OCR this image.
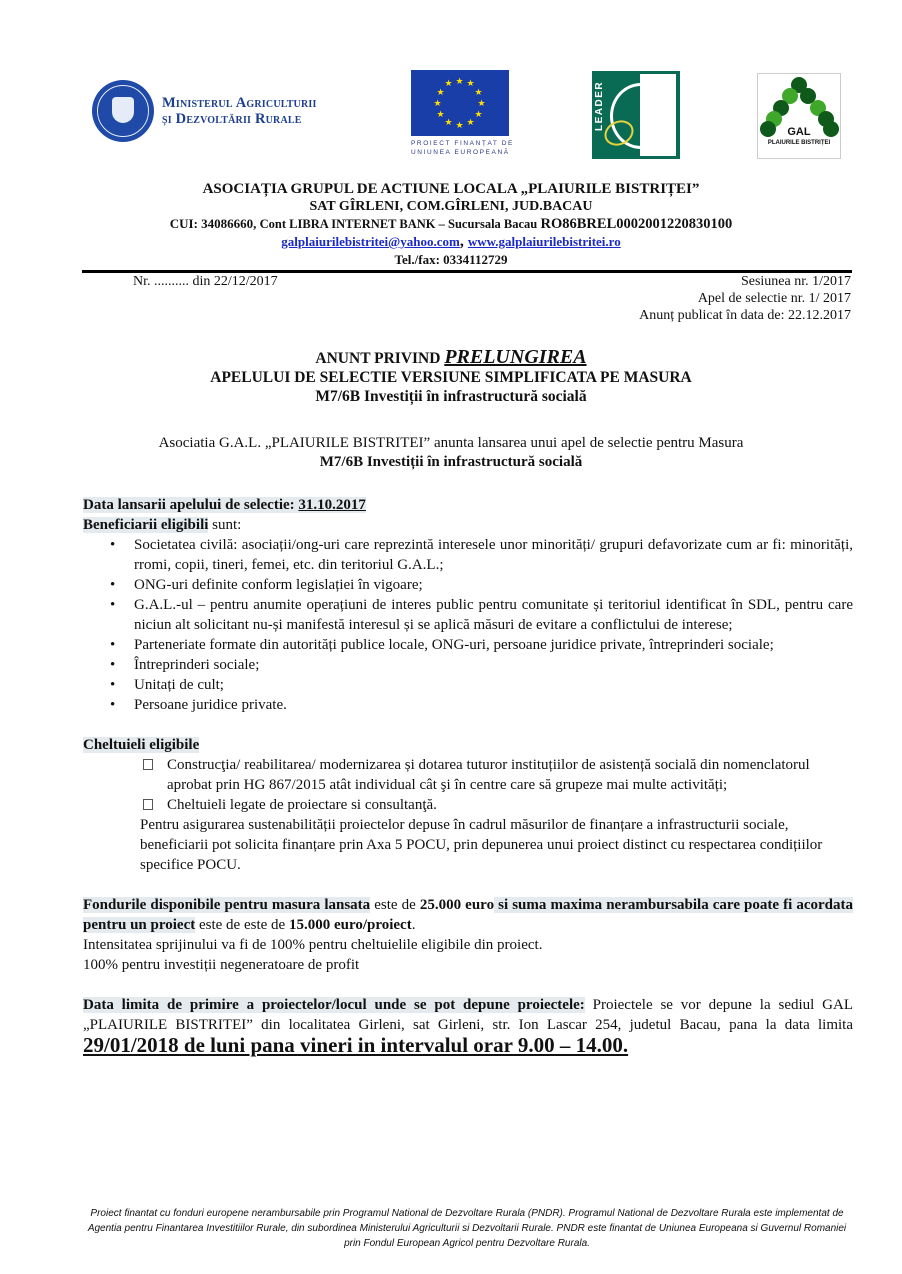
Ministerul Agriculturii
și Dezvoltării Rurale
★ ★
★
★
★
★
★
★
★
★
★
★
PROIECT FINANȚAT DE
UNIUNEA EUROPEANĂ
LEADER
GAL
PLAIURILE BISTRIȚEI
ASOCIAȚIA GRUPUL DE ACTIUNE LOCALA „PLAIURILE BISTRIȚEI”
SAT GÎRLENI, COM.GÎRLENI, JUD.BACAU
CUI: 34086660, Cont LIBRA INTERNET BANK – Sucursala Bacau RO86BREL0002001220830100
galplaiurilebistritei@yahoo.com, www.galplaiurilebistritei.ro
Tel./fax: 0334112729
Nr. .......... din 22/12/2017	Sesiunea nr. 1/2017
Apel de selectie nr. 1/ 2017
Anunț publicat în data de: 22.12.2017
ANUNT PRIVIND PRELUNGIREA
APELULUI DE SELECTIE VERSIUNE SIMPLIFICATA PE MASURA
M7/6B Investiții în infrastructură socială
Asociatia G.A.L. „PLAIURILE BISTRITEI” anunta lansarea unui apel de selectie pentru Masura
M7/6B Investiții în infrastructură socială
Data lansarii apelului de selectie: 31.10.2017
Beneficiarii eligibili sunt:
• Societatea civilă: asociații/ong-uri care reprezintă interesele unor minorități/ grupuri defavorizate cum ar fi: minorități, rromi, copii, tineri, femei, etc. din teritoriul G.A.L.;
• ONG-uri definite conform legislației în vigoare;
• G.A.L.-ul – pentru anumite operațiuni de interes public pentru comunitate și teritoriul identificat în SDL, pentru care niciun alt solicitant nu-și manifestă interesul și se aplică măsuri de evitare a conflictului de interese;
• Parteneriate formate din autorități publice locale, ONG-uri, persoane juridice private, întreprinderi sociale;
• Întreprinderi sociale;
• Unitați de cult;
• Persoane juridice private.
Cheltuieli eligibile
Construcţia/ reabilitarea/ modernizarea și dotarea tuturor instituțiilor de asistență socială din nomenclatorul aprobat prin HG 867/2015 atât individual cât şi în centre care să grupeze mai multe activități;
Cheltuieli legate de proiectare si consultanţă.
Pentru asigurarea sustenabilității proiectelor depuse în cadrul măsurilor de finanțare a infrastructurii sociale, beneficiarii pot solicita finanțare prin Axa 5 POCU, prin depunerea unui proiect distinct cu respectarea condițiilor specifice POCU.
Fondurile disponibile pentru masura lansata este de 25.000 euro si suma maxima nerambursabila care poate fi acordata pentru un proiect este de este de 15.000 euro/proiect.
Intensitatea sprijinului va fi de 100% pentru cheltuielile eligibile din proiect.
100% pentru investiții negeneratoare de profit
Data limita de primire a proiectelor/locul unde se pot depune proiectele: Proiectele se vor depune la sediul GAL „PLAIURILE BISTRITEI” din localitatea Girleni, sat Girleni, str. Ion Lascar 254, judetul Bacau, pana la data limita 29/01/2018 de luni pana vineri in intervalul orar 9.00 – 14.00.
Proiect finantat cu fonduri europene nerambursabile prin Programul National de Dezvoltare Rurala (PNDR). Programul National de Dezvoltare Rurala este implementat de Agentia pentru Finantarea Investitiilor Rurale, din subordinea Ministerului Agriculturii si Dezvoltarii Rurale. PNDR este finantat de Uniunea Europeana si Guvernul Romaniei prin Fondul European Agricol pentru Dezvoltare Rurala.
